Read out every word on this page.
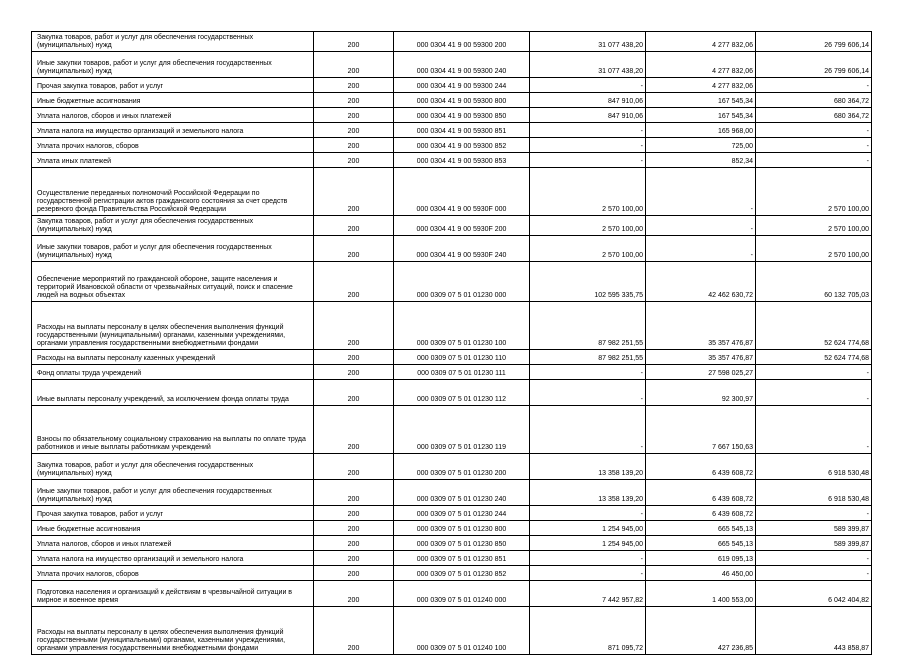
Закупка товаров, работ и услуг для обеспечения государственных (муниципальных) нужд	200	000 0304 41 9 00 59300 200	31 077 438,20	4 277 832,06	26 799 606,14
Иные закупки товаров, работ и услуг для обеспечения государственных (муниципальных) нужд	200	000 0304 41 9 00 59300 240	31 077 438,20	4 277 832,06	26 799 606,14
Прочая закупка товаров, работ и услуг	200	000 0304 41 9 00 59300 244	-	4 277 832,06	-
Иные бюджетные ассигнования	200	000 0304 41 9 00 59300 800	847 910,06	167 545,34	680 364,72
Уплата налогов, сборов и иных платежей	200	000 0304 41 9 00 59300 850	847 910,06	167 545,34	680 364,72
Уплата налога на имущество организаций и земельного налога	200	000 0304 41 9 00 59300 851	-	165 968,00	-
Уплата прочих налогов, сборов	200	000 0304 41 9 00 59300 852	-	725,00	-
Уплата иных платежей	200	000 0304 41 9 00 59300 853	-	852,34	-
Осуществление переданных полномочий Российской Федерации по государственной регистрации актов гражданского состояния за счет средств резервного фонда Правительства Российской Федерации	200	000 0304 41 9 00 5930F 000	2 570 100,00	-	2 570 100,00
Закупка товаров, работ и услуг для обеспечения государственных (муниципальных) нужд	200	000 0304 41 9 00 5930F 200	2 570 100,00	-	2 570 100,00
Иные закупки товаров, работ и услуг для обеспечения государственных (муниципальных) нужд	200	000 0304 41 9 00 5930F 240	2 570 100,00	-	2 570 100,00
Обеспечение мероприятий по гражданской обороне, защите населения и территорий Ивановской области от чрезвычайных ситуаций, поиск и спасение людей на водных объектах	200	000 0309 07 5 01 01230 000	102 595 335,75	42 462 630,72	60 132 705,03
Расходы на выплаты персоналу в целях обеспечения выполнения функций государственными (муниципальными) органами, казенными учреждениями, органами управления государственными внебюджетными фондами	200	000 0309 07 5 01 01230 100	87 982 251,55	35 357 476,87	52 624 774,68
Расходы на выплаты персоналу казенных учреждений	200	000 0309 07 5 01 01230 110	87 982 251,55	35 357 476,87	52 624 774,68
Фонд оплаты труда учреждений	200	000 0309 07 5 01 01230 111	-	27 598 025,27	-
Иные выплаты персоналу учреждений, за исключением фонда оплаты труда	200	000 0309 07 5 01 01230 112	-	92 300,97	-
Взносы по обязательному социальному страхованию на выплаты по оплате труда работников и иные выплаты работникам учреждений	200	000 0309 07 5 01 01230 119	-	7 667 150,63	-
Закупка товаров, работ и услуг для обеспечения государственных (муниципальных) нужд	200	000 0309 07 5 01 01230 200	13 358 139,20	6 439 608,72	6 918 530,48
Иные закупки товаров, работ и услуг для обеспечения государственных (муниципальных) нужд	200	000 0309 07 5 01 01230 240	13 358 139,20	6 439 608,72	6 918 530,48
Прочая закупка товаров, работ и услуг	200	000 0309 07 5 01 01230 244	-	6 439 608,72	-
Иные бюджетные ассигнования	200	000 0309 07 5 01 01230 800	1 254 945,00	665 545,13	589 399,87
Уплата налогов, сборов и иных платежей	200	000 0309 07 5 01 01230 850	1 254 945,00	665 545,13	589 399,87
Уплата налога на имущество организаций и земельного налога	200	000 0309 07 5 01 01230 851	-	619 095,13	-
Уплата прочих налогов, сборов	200	000 0309 07 5 01 01230 852	-	46 450,00	-
Подготовка населения и организаций к действиям в чрезвычайной ситуации в мирное и военное время	200	000 0309 07 5 01 01240 000	7 442 957,82	1 400 553,00	6 042 404,82
Расходы на выплаты персоналу в целях обеспечения выполнения функций государственными (муниципальными) органами, казенными учреждениями, органами управления государственными внебюджетными фондами	200	000 0309 07 5 01 01240 100	871 095,72	427 236,85	443 858,87
